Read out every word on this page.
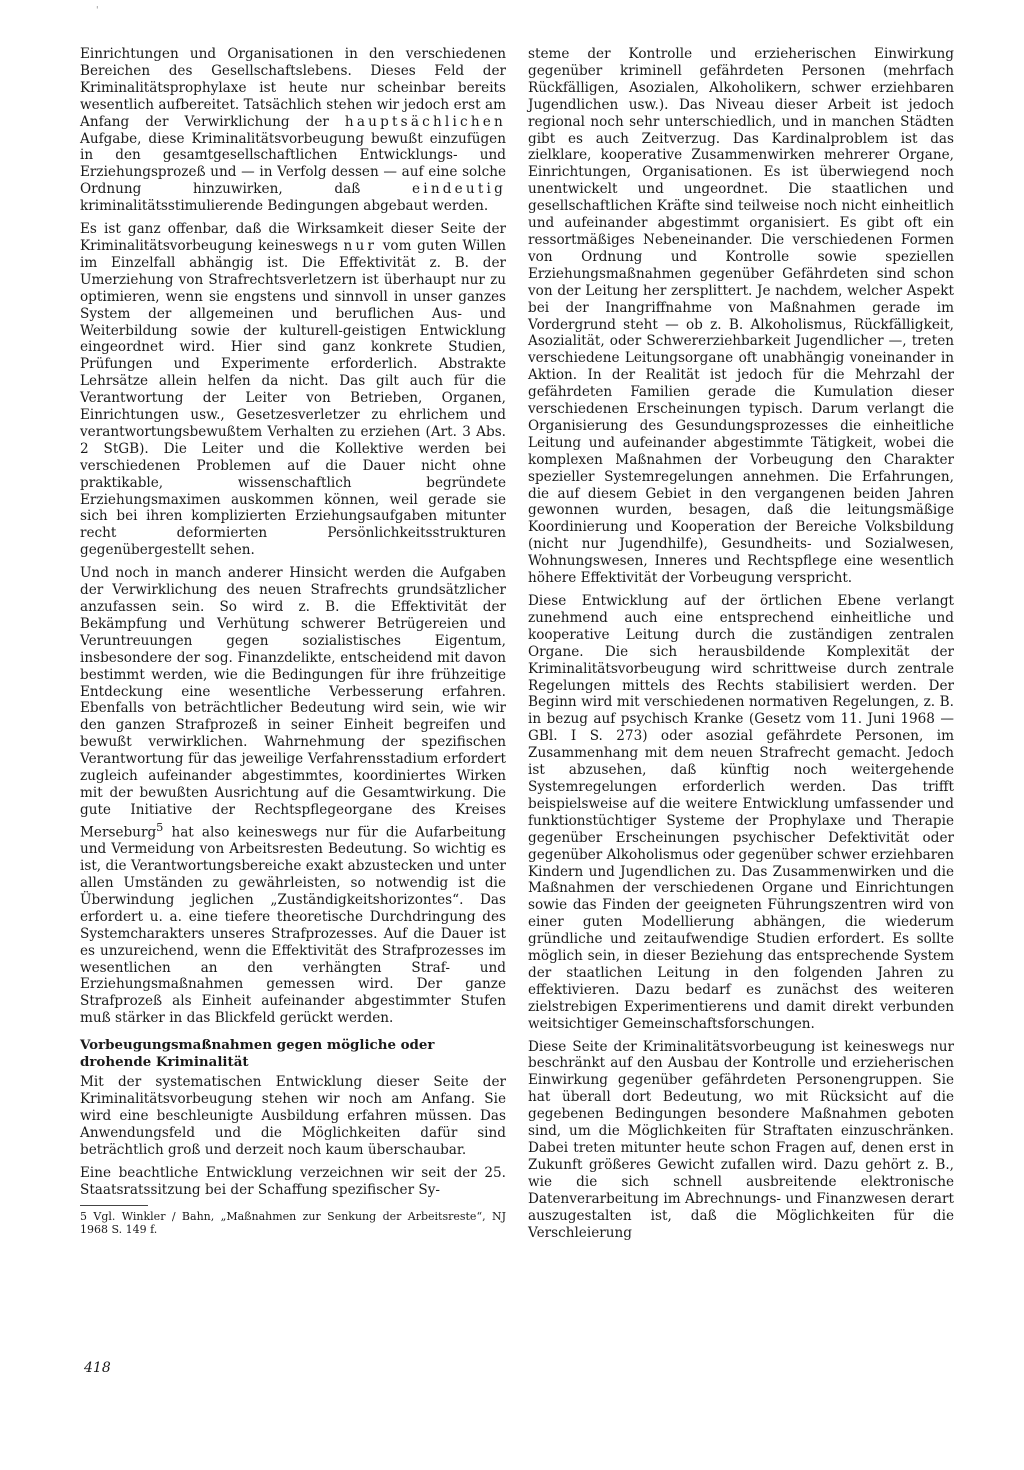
'

Einrichtungen und Organisationen in den verschiedenen Bereichen des Gesellschaftslebens. Dieses Feld der Kriminalitätsprophylaxe ist heute nur scheinbar bereits wesentlich aufbereitet. Tatsächlich stehen wir jedoch erst am Anfang der Verwirklichung der hauptsächlichen Aufgabe, diese Kriminalitätsvorbeugung bewußt einzufügen in den gesamtgesellschaftlichen Entwicklungs- und Erziehungsprozeß und — in Verfolg dessen — auf eine solche Ordnung hinzuwirken, daß eindeutig kriminalitätsstimulierende Bedingungen abgebaut werden.

Es ist ganz offenbar, daß die Wirksamkeit dieser Seite der Kriminalitätsvorbeugung keineswegs nur vom guten Willen im Einzelfall abhängig ist. Die Effektivität z. B. der Umerziehung von Strafrechtsverletzern ist überhaupt nur zu optimieren, wenn sie engstens und sinnvoll in unser ganzes System der allgemeinen und beruflichen Aus- und Weiterbildung sowie der kulturell-geistigen Entwicklung eingeordnet wird. Hier sind ganz konkrete Studien, Prüfungen und Experimente erforderlich. Abstrakte Lehrsätze allein helfen da nicht. Das gilt auch für die Verantwortung der Leiter von Betrieben, Organen, Einrichtungen usw., Gesetzesverletzer zu ehrlichem und verantwortungsbewußtem Verhalten zu erziehen (Art. 3 Abs. 2 StGB). Die Leiter und die Kollektive werden bei verschiedenen Problemen auf die Dauer nicht ohne praktikable, wissenschaftlich begründete Erziehungsmaximen auskommen können, weil gerade sie sich bei ihren komplizierten Erziehungsaufgaben mitunter recht deformierten Persönlichkeitsstrukturen gegenübergestellt sehen.

Und noch in manch anderer Hinsicht werden die Aufgaben der Verwirklichung des neuen Strafrechts grundsätzlicher anzufassen sein. So wird z. B. die Effektivität der Bekämpfung und Verhütung schwerer Betrügereien und Veruntreuungen gegen sozialistisches Eigentum, insbesondere der sog. Finanzdelikte, entscheidend mit davon bestimmt werden, wie die Bedingungen für ihre frühzeitige Entdeckung eine wesentliche Verbesserung erfahren. Ebenfalls von beträchtlicher Bedeutung wird sein, wie wir den ganzen Strafprozeß in seiner Einheit begreifen und bewußt verwirklichen. Wahrnehmung der spezifischen Verantwortung für das jeweilige Verfahrensstadium erfordert zugleich aufeinander abgestimmtes, koordiniertes Wirken mit der bewußten Ausrichtung auf die Gesamtwirkung. Die gute Initiative der Rechtspflegeorgane des Kreises Merseburg$^5$ hat also keineswegs nur für die Aufarbeitung und Vermeidung von Arbeitsresten Bedeutung. So wichtig es ist, die Verantwortungsbereiche exakt abzustecken und unter allen Umständen zu gewährleisten, so notwendig ist die Überwindung jeglichen „Zuständigkeitshorizontes“. Das erfordert u. a. eine tiefere theoretische Durchdringung des Systemcharakters unseres Strafprozesses. Auf die Dauer ist es unzureichend, wenn die Effektivität des Strafprozesses im wesentlichen an den verhängten Straf- und Erziehungsmaßnahmen gemessen wird. Der ganze Strafprozeß als Einheit aufeinander abgestimmter Stufen muß stärker in das Blickfeld gerückt werden.

Vorbeugungsmaßnahmen gegen mögliche oder drohende Kriminalität

Mit der systematischen Entwicklung dieser Seite der Kriminalitätsvorbeugung stehen wir noch am Anfang. Sie wird eine beschleunigte Ausbildung erfahren müssen. Das Anwendungsfeld und die Möglichkeiten dafür sind beträchtlich groß und derzeit noch kaum überschaubar.

Eine beachtliche Entwicklung verzeichnen wir seit der 25. Staatsratssitzung bei der Schaffung spezifischer Sy-

5 Vgl. Winkler / Bahn, „Maßnahmen zur Senkung der Arbeitsreste“, NJ 1968 S. 149 f.

steme der Kontrolle und erzieherischen Einwirkung gegenüber kriminell gefährdeten Personen (mehrfach Rückfälligen, Asozialen, Alkoholikern, schwer erziehbaren Jugendlichen usw.). Das Niveau dieser Arbeit ist jedoch regional noch sehr unterschiedlich, und in manchen Städten gibt es auch Zeitverzug. Das Kardinalproblem ist das zielklare, kooperative Zusammenwirken mehrerer Organe, Einrichtungen, Organisationen. Es ist überwiegend noch unentwickelt und ungeordnet. Die staatlichen und gesellschaftlichen Kräfte sind teilweise noch nicht einheitlich und aufeinander abgestimmt organisiert. Es gibt oft ein ressortmäßiges Nebeneinander. Die verschiedenen Formen von Ordnung und Kontrolle sowie speziellen Erziehungsmaßnahmen gegenüber Gefährdeten sind schon von der Leitung her zersplittert. Je nachdem, welcher Aspekt bei der Inangriffnahme von Maßnahmen gerade im Vordergrund steht — ob z. B. Alkoholismus, Rückfälligkeit, Asozialität, oder Schwererziehbarkeit Jugendlicher —, treten verschiedene Leitungsorgane oft unabhängig voneinander in Aktion. In der Realität ist jedoch für die Mehrzahl der gefährdeten Familien gerade die Kumulation dieser verschiedenen Erscheinungen typisch. Darum verlangt die Organisierung des Gesundungsprozesses die einheitliche Leitung und aufeinander abgestimmte Tätigkeit, wobei die komplexen Maßnahmen der Vorbeugung den Charakter spezieller Systemregelungen annehmen. Die Erfahrungen, die auf diesem Gebiet in den vergangenen beiden Jahren gewonnen wurden, besagen, daß die leitungsmäßige Koordinierung und Kooperation der Bereiche Volksbildung (nicht nur Jugendhilfe), Gesundheits- und Sozialwesen, Wohnungswesen, Inneres und Rechtspflege eine wesentlich höhere Effektivität der Vorbeugung verspricht.

Diese Entwicklung auf der örtlichen Ebene verlangt zunehmend auch eine entsprechend einheitliche und kooperative Leitung durch die zuständigen zentralen Organe. Die sich herausbildende Komplexität der Kriminalitätsvorbeugung wird schrittweise durch zentrale Regelungen mittels des Rechts stabilisiert werden. Der Beginn wird mit verschiedenen normativen Regelungen, z. B. in bezug auf psychisch Kranke (Gesetz vom 11. Juni 1968 — GBl. I S. 273) oder asozial gefährdete Personen, im Zusammenhang mit dem neuen Strafrecht gemacht. Jedoch ist abzusehen, daß künftig noch weitergehende Systemregelungen erforderlich werden. Das trifft beispielsweise auf die weitere Entwicklung umfassender und funktionstüchtiger Systeme der Prophylaxe und Therapie gegenüber Erscheinungen psychischer Defektivität oder gegenüber Alkoholismus oder gegenüber schwer erziehbaren Kindern und Jugendlichen zu. Das Zusammenwirken und die Maßnahmen der verschiedenen Organe und Einrichtungen sowie das Finden der geeigneten Führungszentren wird von einer guten Modellierung abhängen, die wiederum gründliche und zeitaufwendige Studien erfordert. Es sollte möglich sein, in dieser Beziehung das entsprechende System der staatlichen Leitung in den folgenden Jahren zu effektivieren. Dazu bedarf es zunächst des weiteren zielstrebigen Experimentierens und damit direkt verbunden weitsichtiger Gemeinschaftsforschungen.

Diese Seite der Kriminalitätsvorbeugung ist keineswegs nur beschränkt auf den Ausbau der Kontrolle und erzieherischen Einwirkung gegenüber gefährdeten Personengruppen. Sie hat überall dort Bedeutung, wo mit Rücksicht auf die gegebenen Bedingungen besondere Maßnahmen geboten sind, um die Möglichkeiten für Straftaten einzuschränken. Dabei treten mitunter heute schon Fragen auf, denen erst in Zukunft größeres Gewicht zufallen wird. Dazu gehört z. B., wie die sich schnell ausbreitende elektronische Datenverarbeitung im Abrechnungs- und Finanzwesen derart auszugestalten ist, daß die Möglichkeiten für die Verschleierung

418
